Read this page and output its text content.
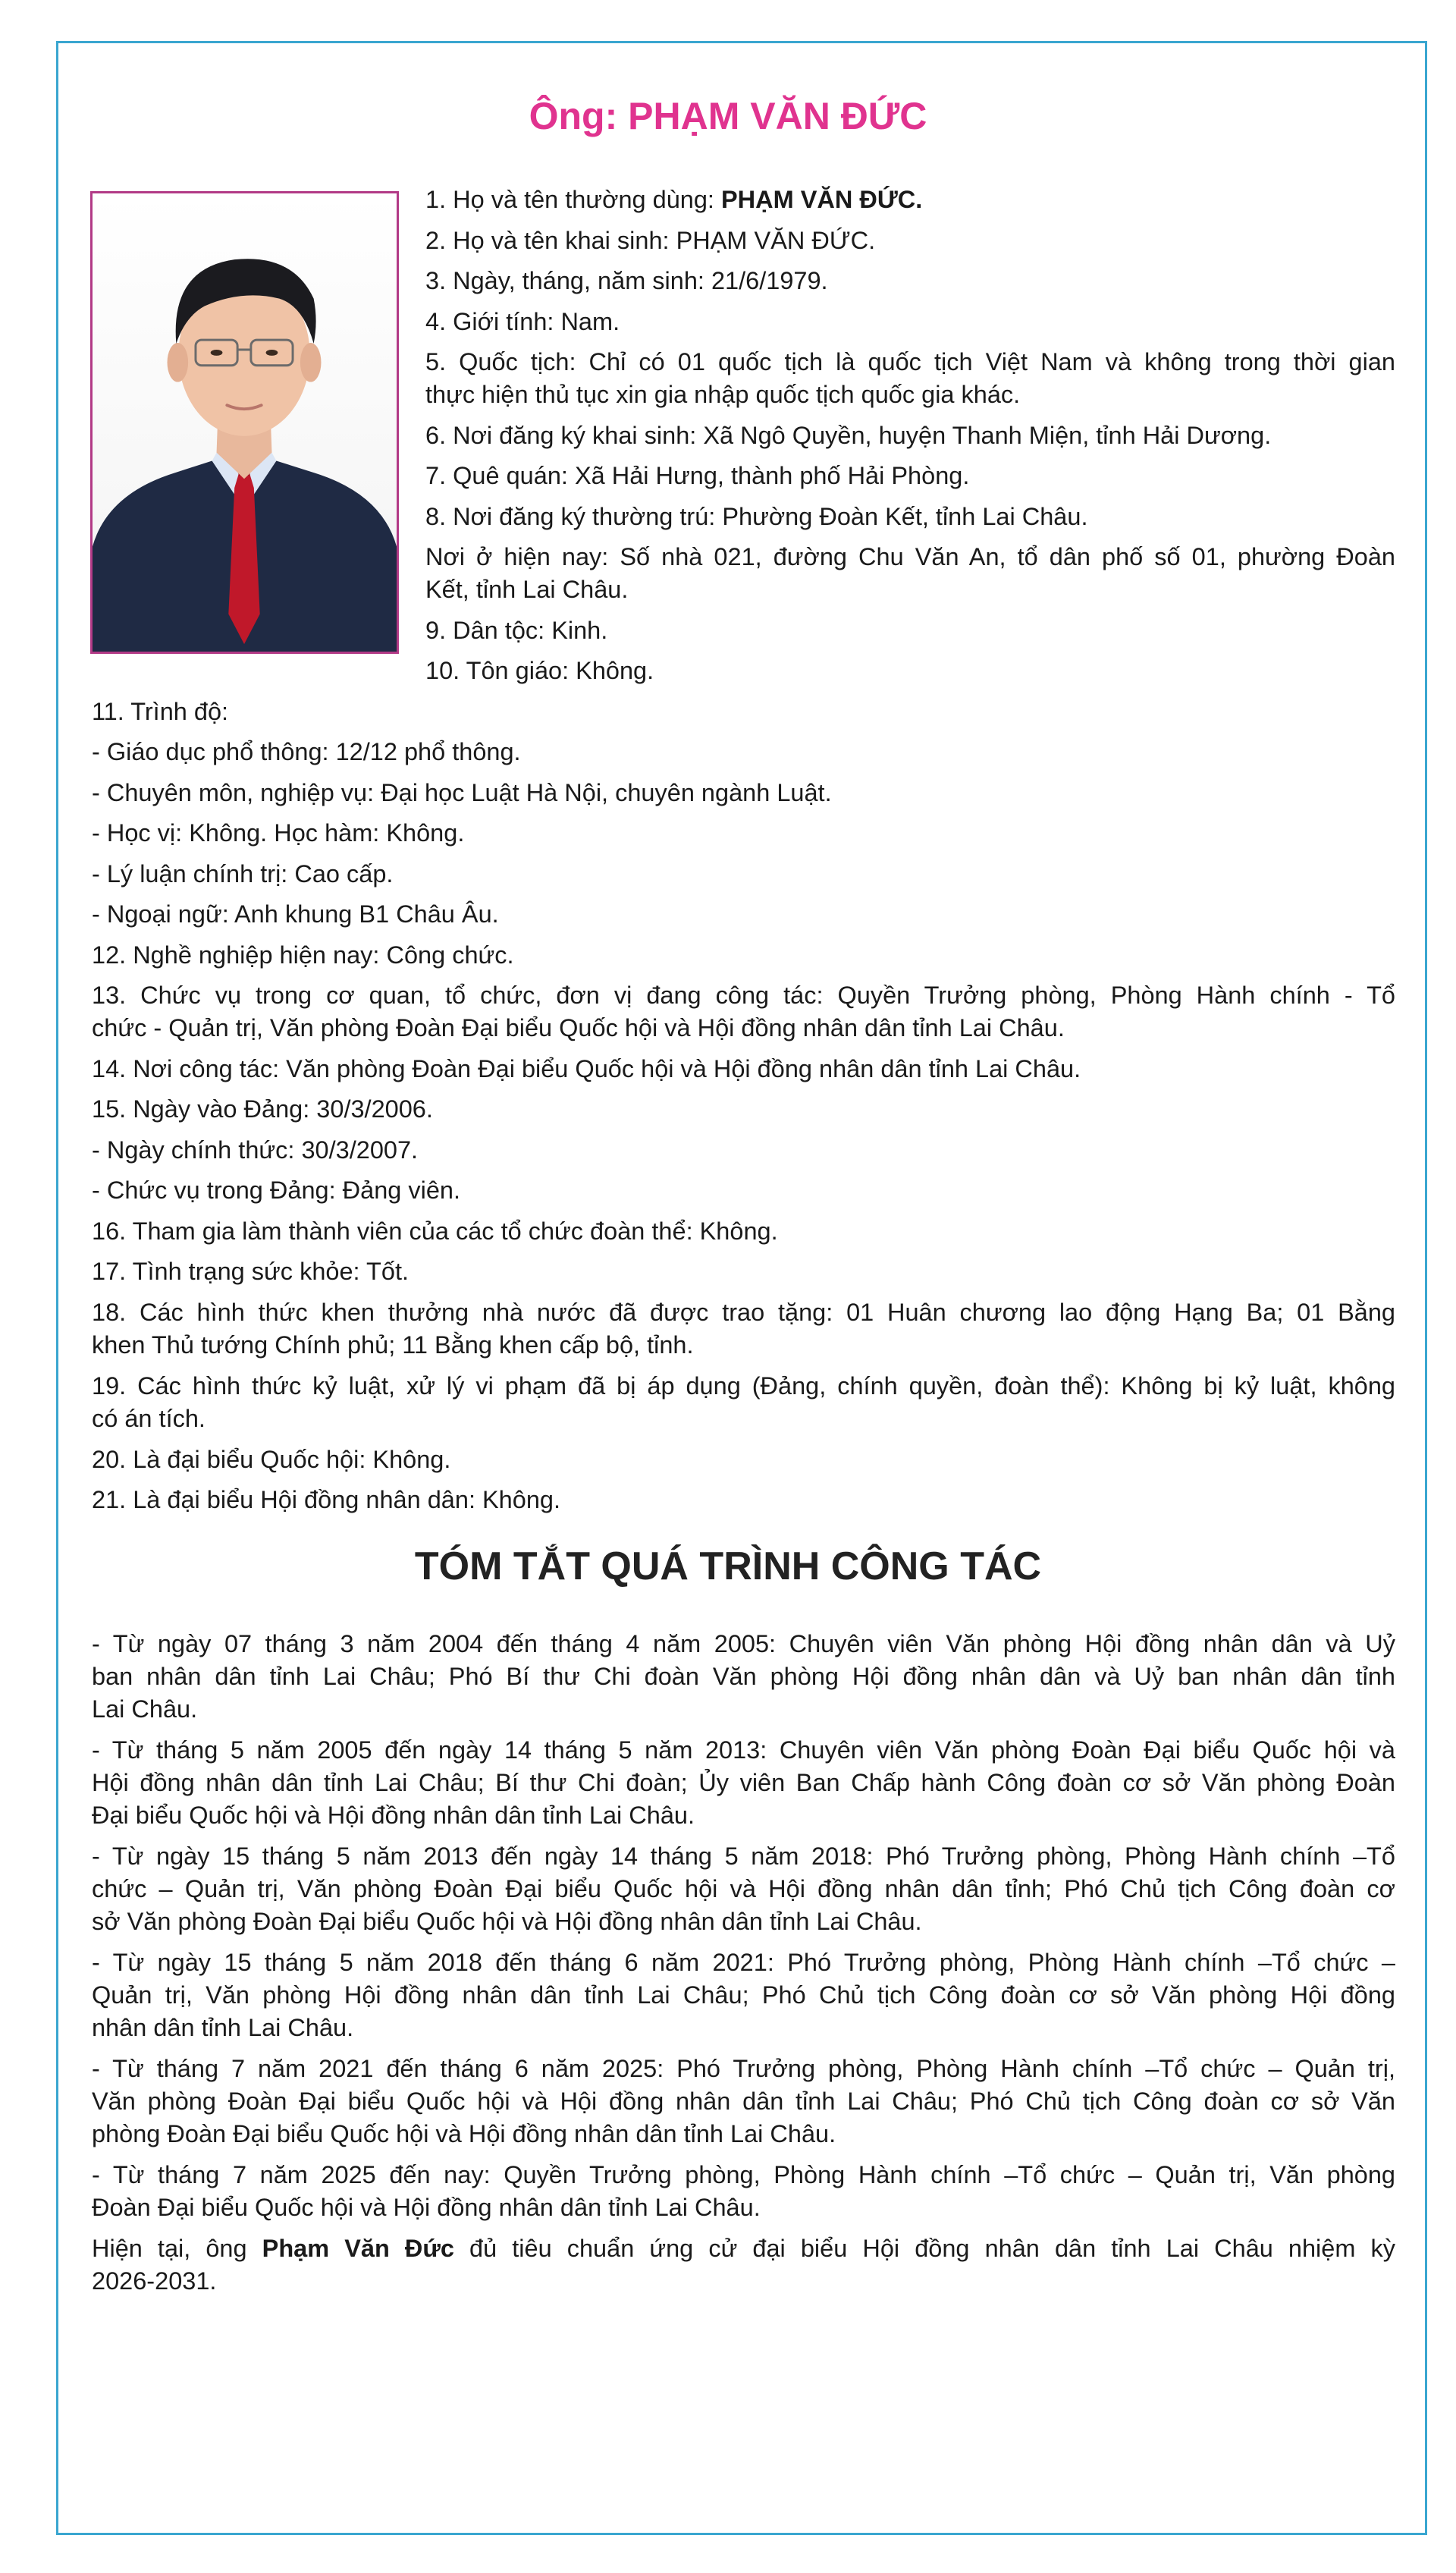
Ông: PHẠM VĂN ĐỨC

1. Họ và tên thường dùng: PHẠM VĂN ĐỨC.

2. Họ và tên khai sinh: PHẠM VĂN ĐỨC.

3. Ngày, tháng, năm sinh: 21/6/1979.

4. Giới tính: Nam.

5. Quốc tịch: Chỉ có 01 quốc tịch là quốc tịch Việt Nam và không trong thời gian

thực hiện thủ tục xin gia nhập quốc tịch quốc gia khác.

6. Nơi đăng ký khai sinh: Xã Ngô Quyền, huyện Thanh Miện, tỉnh Hải Dương.

7. Quê quán: Xã Hải Hưng, thành phố Hải Phòng.

8. Nơi đăng ký thường trú: Phường Đoàn Kết, tỉnh Lai Châu.

Nơi ở hiện nay: Số nhà 021, đường Chu Văn An, tổ dân phố số 01, phường Đoàn

Kết, tỉnh Lai Châu.

9. Dân tộc: Kinh.

10. Tôn giáo: Không.

11. Trình độ:

- Giáo dục phổ thông: 12/12 phổ thông.

- Chuyên môn, nghiệp vụ: Đại học Luật Hà Nội, chuyên ngành Luật.

- Học vị: Không. Học hàm: Không.

- Lý luận chính trị: Cao cấp.

- Ngoại ngữ: Anh khung B1 Châu Âu.

12. Nghề nghiệp hiện nay: Công chức.

13. Chức vụ trong cơ quan, tổ chức, đơn vị đang công tác: Quyền Trưởng phòng, Phòng Hành chính - Tổ

chức - Quản trị, Văn phòng Đoàn Đại biểu Quốc hội và Hội đồng nhân dân tỉnh Lai Châu.

14. Nơi công tác: Văn phòng Đoàn Đại biểu Quốc hội và Hội đồng nhân dân tỉnh Lai Châu.

15. Ngày vào Đảng: 30/3/2006.

- Ngày chính thức: 30/3/2007.

- Chức vụ trong Đảng: Đảng viên.

16. Tham gia làm thành viên của các tổ chức đoàn thể: Không.

17. Tình trạng sức khỏe: Tốt.

18. Các hình thức khen thưởng nhà nước đã được trao tặng: 01 Huân chương lao động Hạng Ba; 01 Bằng

khen Thủ tướng Chính phủ; 11 Bằng khen cấp bộ, tỉnh.

19. Các hình thức kỷ luật, xử lý vi phạm đã bị áp dụng (Đảng, chính quyền, đoàn thể): Không bị kỷ luật, không

có án tích.

20. Là đại biểu Quốc hội: Không.

21. Là đại biểu Hội đồng nhân dân: Không.

TÓM TẮT QUÁ TRÌNH CÔNG TÁC

- Từ ngày 07 tháng 3 năm 2004 đến tháng 4 năm 2005: Chuyên viên Văn phòng Hội đồng nhân dân và Uỷ

ban nhân dân tỉnh Lai Châu; Phó Bí thư Chi đoàn Văn phòng Hội đồng nhân dân và Uỷ ban nhân dân tỉnh

Lai Châu.

- Từ tháng 5 năm 2005 đến ngày 14 tháng 5 năm 2013: Chuyên viên Văn phòng Đoàn Đại biểu Quốc hội và

Hội đồng nhân dân tỉnh Lai Châu; Bí thư Chi đoàn; Ủy viên Ban Chấp hành Công đoàn cơ sở Văn phòng Đoàn

Đại biểu Quốc hội và Hội đồng nhân dân tỉnh Lai Châu.

- Từ ngày 15 tháng 5 năm 2013 đến ngày 14 tháng 5 năm 2018: Phó Trưởng phòng, Phòng Hành chính –Tổ

chức – Quản trị, Văn phòng Đoàn Đại biểu Quốc hội và Hội đồng nhân dân tỉnh; Phó Chủ tịch Công đoàn cơ

sở Văn phòng Đoàn Đại biểu Quốc hội và Hội đồng nhân dân tỉnh Lai Châu.

- Từ ngày 15 tháng 5 năm 2018 đến tháng 6 năm 2021: Phó Trưởng phòng, Phòng Hành chính –Tổ chức –

Quản trị, Văn phòng Hội đồng nhân dân tỉnh Lai Châu; Phó Chủ tịch Công đoàn cơ sở Văn phòng Hội đồng

nhân dân tỉnh Lai Châu.

- Từ tháng 7 năm 2021 đến tháng 6 năm 2025: Phó Trưởng phòng, Phòng Hành chính –Tổ chức – Quản trị,

Văn phòng Đoàn Đại biểu Quốc hội và Hội đồng nhân dân tỉnh Lai Châu; Phó Chủ tịch Công đoàn cơ sở Văn

phòng Đoàn Đại biểu Quốc hội và Hội đồng nhân dân tỉnh Lai Châu.

- Từ tháng 7 năm 2025 đến nay: Quyền Trưởng phòng, Phòng Hành chính –Tổ chức – Quản trị, Văn phòng

Đoàn Đại biểu Quốc hội và Hội đồng nhân dân tỉnh Lai Châu.

Hiện tại, ông Phạm Văn Đức đủ tiêu chuẩn ứng cử đại biểu Hội đồng nhân dân tỉnh Lai Châu nhiệm kỳ

2026-2031.
